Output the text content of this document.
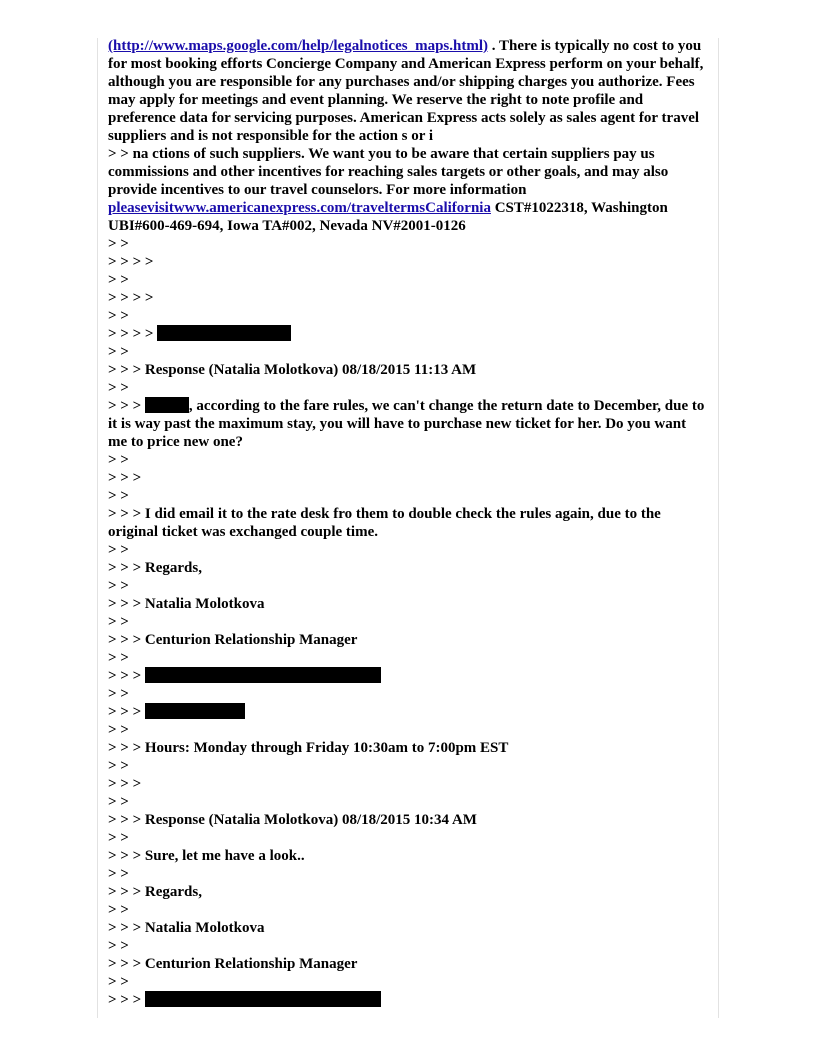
(http://www.maps.google.com/help/legalnotices_maps.html) . There is typically no cost to you for most booking efforts Concierge Company and American Express perform on your behalf, although you are responsible for any purchases and/or shipping charges you authorize. Fees may apply for meetings and event planning. We reserve the right to note profile and preference data for servicing purposes. American Express acts solely as sales agent for travel suppliers and is not responsible for the action s or i
> > na ctions of such suppliers. We want you to be aware that certain suppliers pay us commissions and other incentives for reaching sales targets or other goals, and may also provide incentives to our travel counselors. For more information pleasevisitwww.americanexpress.com/traveltermsCalifornia CST#1022318, Washington UBI#600-469-694, Iowa TA#002, Nevada NV#2001-0126
> >
> > > >
> >
> > > >
> >
> > > >
> >
> > > Response (Natalia Molotkova) 08/18/2015 11:13 AM
> >
> > >	, according to the fare rules, we can't change the return date to December, due to it is way past the maximum stay, you will have to purchase new ticket for her. Do you want me to price new one?
> >
> > >
> >
> > > I did email it to the rate desk fro them to double check the rules again, due to the original ticket was exchanged couple time.
> >
> > > Regards,
> >
> > > Natalia Molotkova
> >
> > > Centurion Relationship Manager
> >
> > >
> >
> > >
> >
> > > Hours: Monday through Friday 10:30am to 7:00pm EST
> >
> > >
> >
> > > Response (Natalia Molotkova) 08/18/2015 10:34 AM
> >
> > > Sure, let me have a look..
> >
> > > Regards,
> >
> > > Natalia Molotkova
> >
> > > Centurion Relationship Manager
> >
> > >
